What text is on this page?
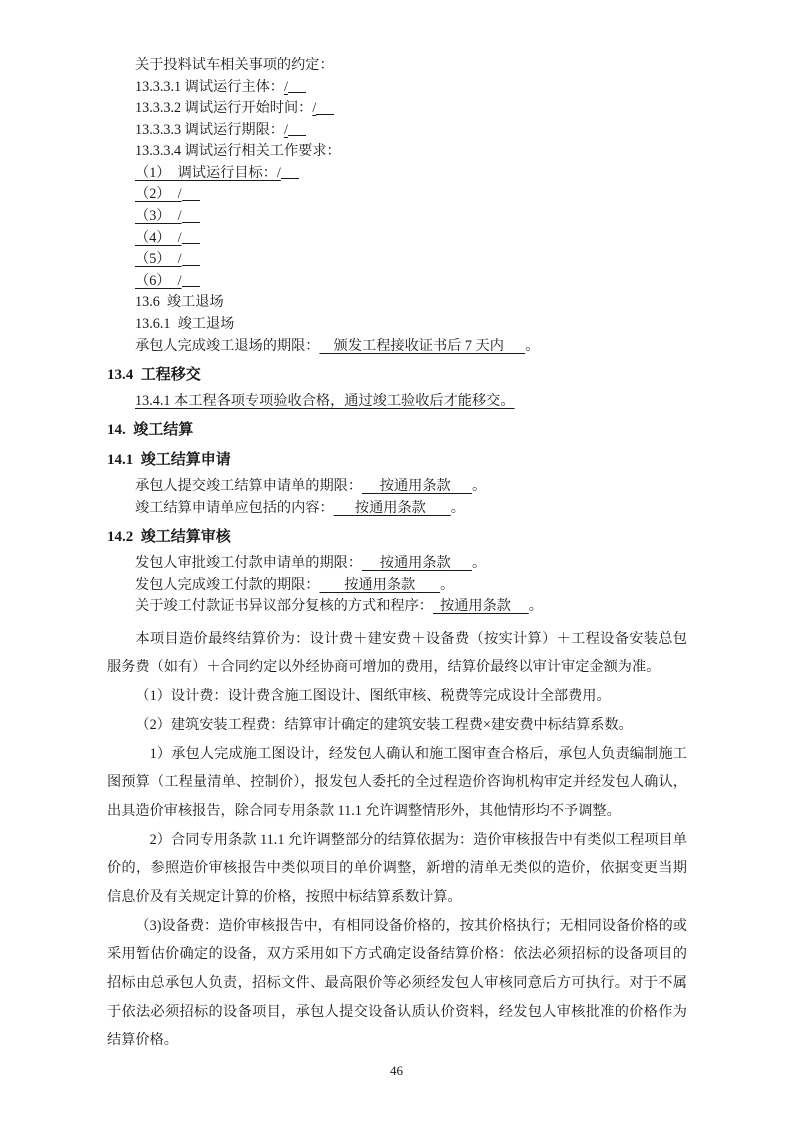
关于投料试车相关事项的约定：

13.3.3.1 调试运行主体：/

13.3.3.2 调试运行开始时间：/

13.3.3.3 调试运行期限：/

13.3.3.4 调试运行相关工作要求：

（1）  调试运行目标：/

（2） /

（3） /

（4） /

（5） /

（6） /

13.6  竣工退场

13.6.1  竣工退场

承包人完成竣工退场的期限： 颁发工程接收证书后 7 天内 。

13.4 工程移交

13.4.1 本工程各项专项验收合格，通过竣工验收后才能移交。

14. 竣工结算

14.1 竣工结算申请

承包人提交竣工结算申请单的期限： 按通用条款 。

竣工结算申请单应包括的内容： 按通用条款 。

14.2 竣工结算审核

发包人审批竣工付款申请单的期限： 按通用条款 。

发包人完成竣工付款的期限： 按通用条款 。

关于竣工付款证书异议部分复核的方式和程序： 按通用条款 。

本项目造价最终结算价为：设计费＋建安费＋设备费（按实计算）＋工程设备安装总包服务费（如有）＋合同约定以外经协商可增加的费用，结算价最终以审计审定金额为准。

（1）设计费：设计费含施工图设计、图纸审核、税费等完成设计全部费用。

（2）建筑安装工程费：结算审计确定的建筑安装工程费×建安费中标结算系数。

1）承包人完成施工图设计，经发包人确认和施工图审查合格后，承包人负责编制施工图预算（工程量清单、控制价），报发包人委托的全过程造价咨询机构审定并经发包人确认，出具造价审核报告，除合同专用条款 11.1 允许调整情形外，其他情形均不予调整。

2）合同专用条款 11.1 允许调整部分的结算依据为：造价审核报告中有类似工程项目单价的，参照造价审核报告中类似项目的单价调整，新增的清单无类似的造价，依据变更当期信息价及有关规定计算的价格，按照中标结算系数计算。

（3)设备费：造价审核报告中，有相同设备价格的，按其价格执行；无相同设备价格的或采用暂估价确定的设备，双方采用如下方式确定设备结算价格：依法必须招标的设备项目的招标由总承包人负责，招标文件、最高限价等必须经发包人审核同意后方可执行。对于不属于依法必须招标的设备项目，承包人提交设备认质认价资料，经发包人审核批准的价格作为结算价格。

46
